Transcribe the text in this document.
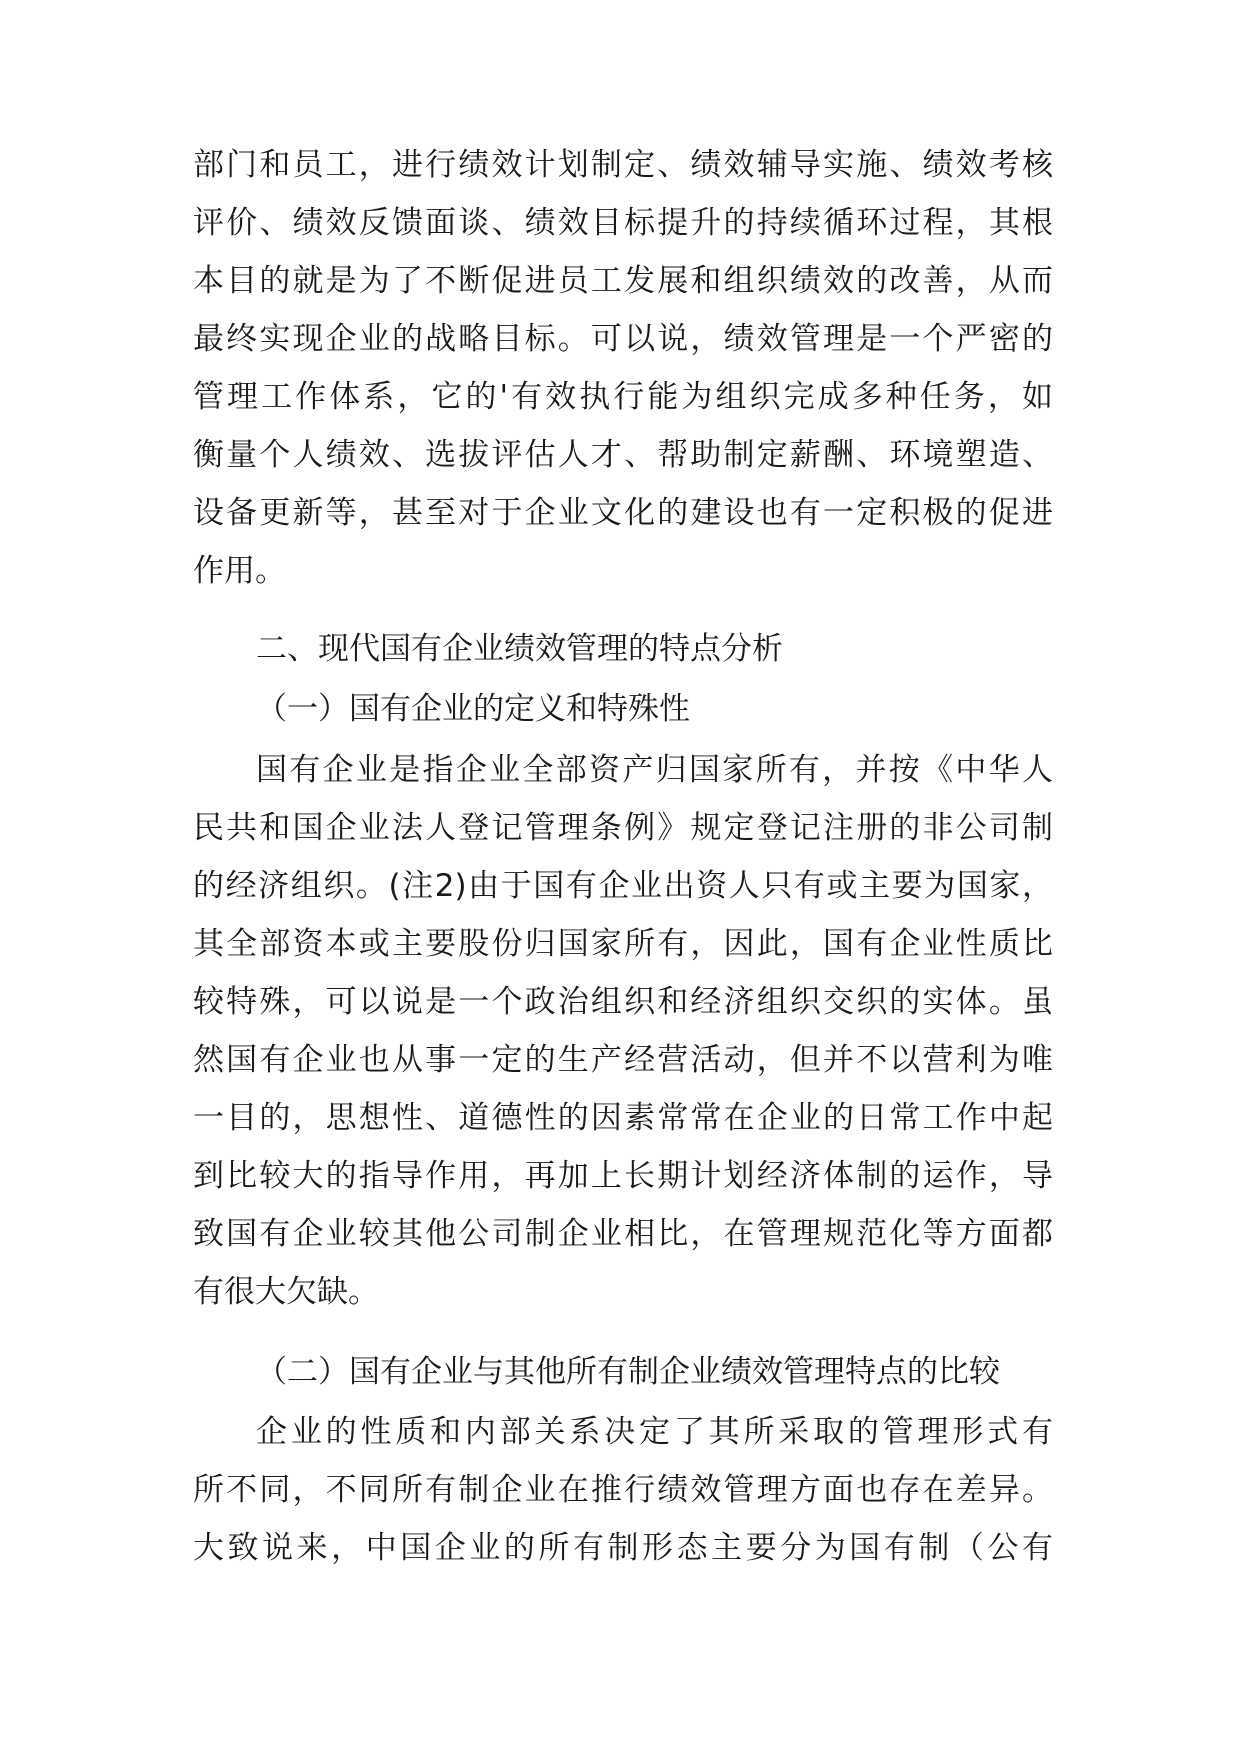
部门和员工，进行绩效计划制定、绩效辅导实施、绩效考核
评价、绩效反馈面谈、绩效目标提升的持续循环过程，其根
本目的就是为了不断促进员工发展和组织绩效的改善，从而
最终实现企业的战略目标。可以说，绩效管理是一个严密的
管理工作体系，它的'有效执行能为组织完成多种任务，如
衡量个人绩效、选拔评估人才、帮助制定薪酬、环境塑造、
设备更新等，甚至对于企业文化的建设也有一定积极的促进
作用。
二、现代国有企业绩效管理的特点分析
（一）国有企业的定义和特殊性
国有企业是指企业全部资产归国家所有，并按《中华人
民共和国企业法人登记管理条例》规定登记注册的非公司制
的经济组织。(注2)由于国有企业出资人只有或主要为国家，
其全部资本或主要股份归国家所有，因此，国有企业性质比
较特殊，可以说是一个政治组织和经济组织交织的实体。虽
然国有企业也从事一定的生产经营活动，但并不以营利为唯
一目的，思想性、道德性的因素常常在企业的日常工作中起
到比较大的指导作用，再加上长期计划经济体制的运作，导
致国有企业较其他公司制企业相比，在管理规范化等方面都
有很大欠缺。
（二）国有企业与其他所有制企业绩效管理特点的比较
企业的性质和内部关系决定了其所采取的管理形式有
所不同，不同所有制企业在推行绩效管理方面也存在差异。
大致说来，中国企业的所有制形态主要分为国有制（公有
